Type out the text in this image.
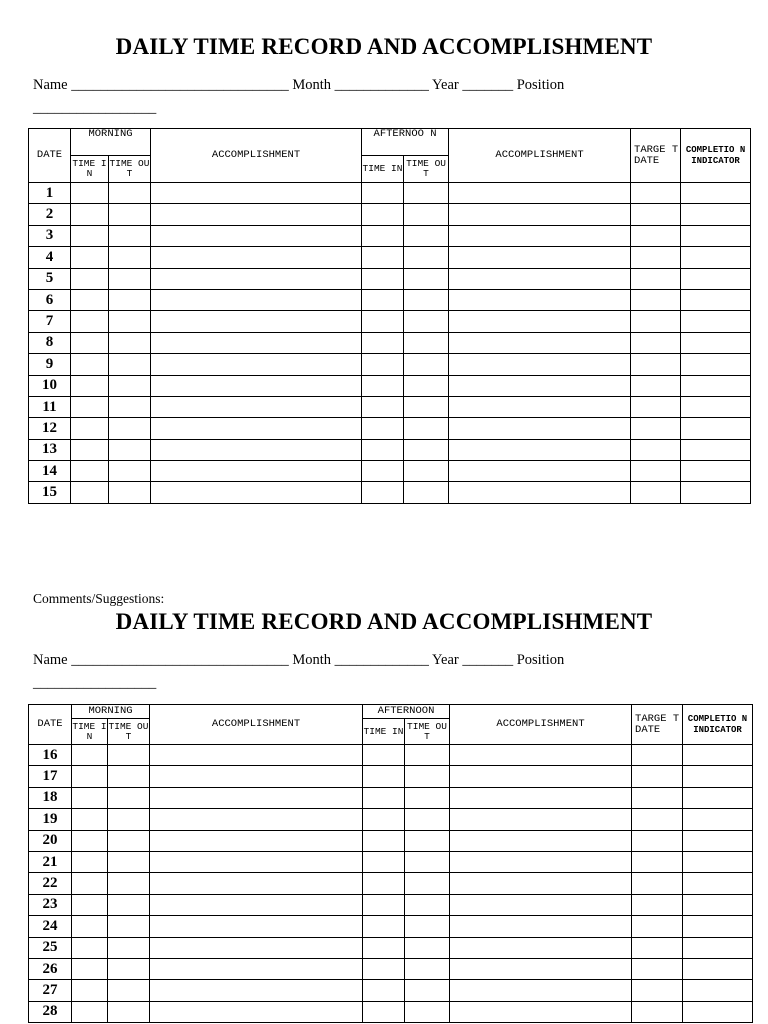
DAILY TIME RECORD AND ACCOMPLISHMENT
Name ______________________________ Month _____________ Year _______ Position
_________________
DATE	MORNING		ACCOMPLISHMENT	AFTERNOO N		ACCOMPLISHMENT	TARGE T DATE	COMPLETIO N INDICATOR
	TIME IN	TIME OUT		TIME IN	TIME OUT			
1								
2								
3								
4								
5								
6								
7								
8								
9								
10								
11								
12								
13								
14								
15								
Comments/Suggestions:
DAILY TIME RECORD AND ACCOMPLISHMENT
Name ______________________________ Month _____________ Year _______ Position
_________________
DATE	MORNING		ACCOMPLISHMENT	AFTERNOON		ACCOMPLISHMENT	TARGE T DATE	COMPLETIO N INDICATOR
	TIME IN	TIME OUT		TIME IN	TIME OUT			
16								
17								
18								
19								
20								
21								
22								
23								
24								
25								
26								
27								
28								
